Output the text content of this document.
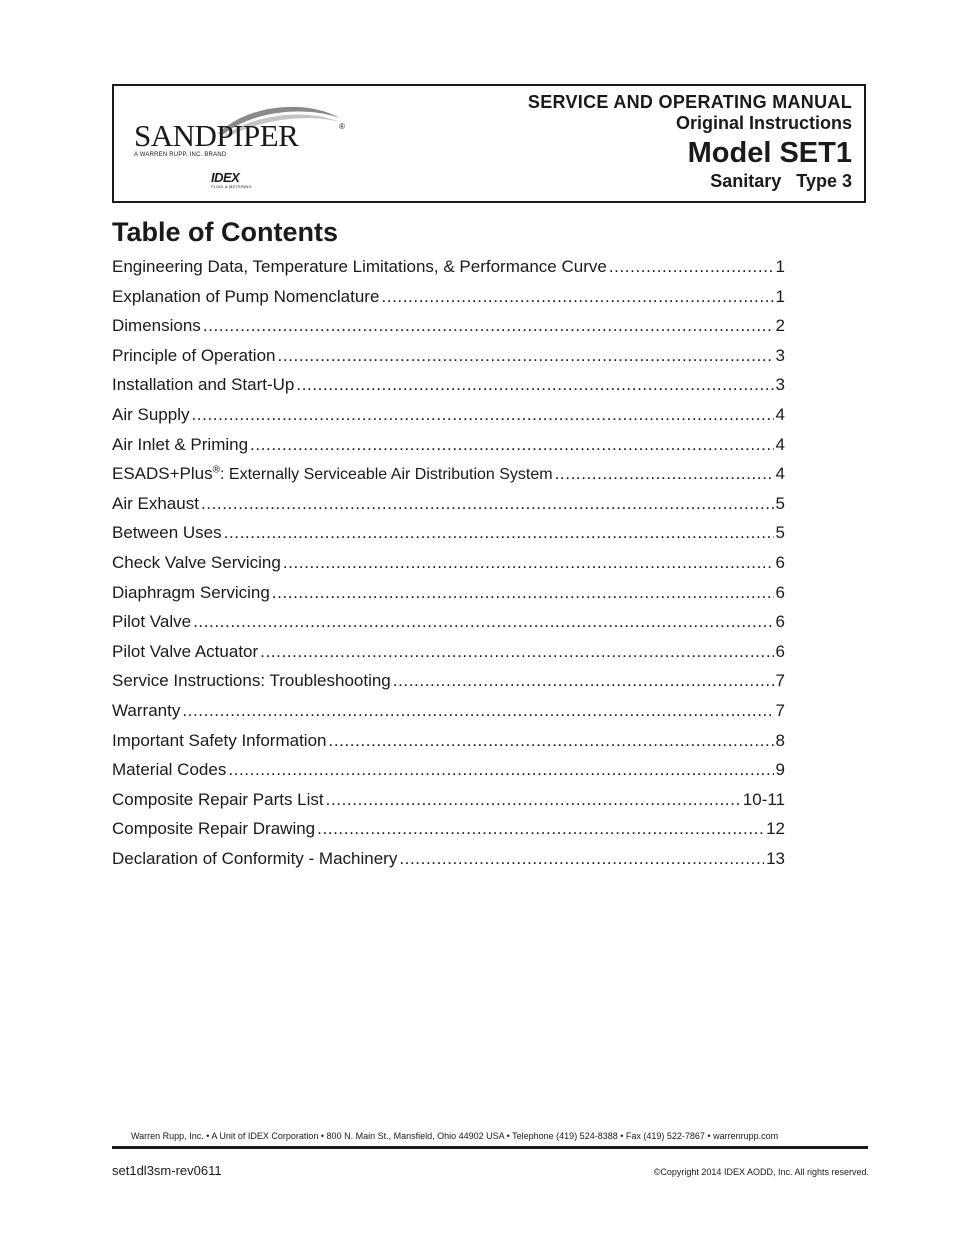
SANDPIPER	®
A WARREN RUPP, INC. BRAND
IDEX
FLUID & METERING
SERVICE AND OPERATING MANUAL
Original Instructions
Model SET1
Sanitary   Type 3
Table of Contents
Engineering Data, Temperature Limitations, & Performance Curve .....	1
Explanation of Pump Nomenclature .....	1
Dimensions .....	2
Principle of Operation .....	3
Installation and Start-Up .....	3
Air Supply .....	4
Air Inlet & Priming .....	4
ESADS+Plus®: Externally Serviceable Air Distribution System .....	4
Air Exhaust .....	5
Between Uses .....	5
Check Valve Servicing .....	6
Diaphragm Servicing .....	6
Pilot Valve .....	6
Pilot Valve Actuator .....	6
Service Instructions: Troubleshooting .....	7
Warranty .....	7
Important Safety Information .....	8
Material Codes .....	9
Composite Repair Parts List .....	10-11
Composite Repair Drawing .....	12
Declaration of Conformity - Machinery .....	13
Warren Rupp, Inc. • A Unit of IDEX Corporation • 800 N. Main St., Mansfield, Ohio 44902 USA • Telephone (419) 524-8388 • Fax (419) 522-7867 • warrenrupp.com
set1dl3sm-rev0611	©Copyright 2014 IDEX AODD, Inc. All rights reserved.
